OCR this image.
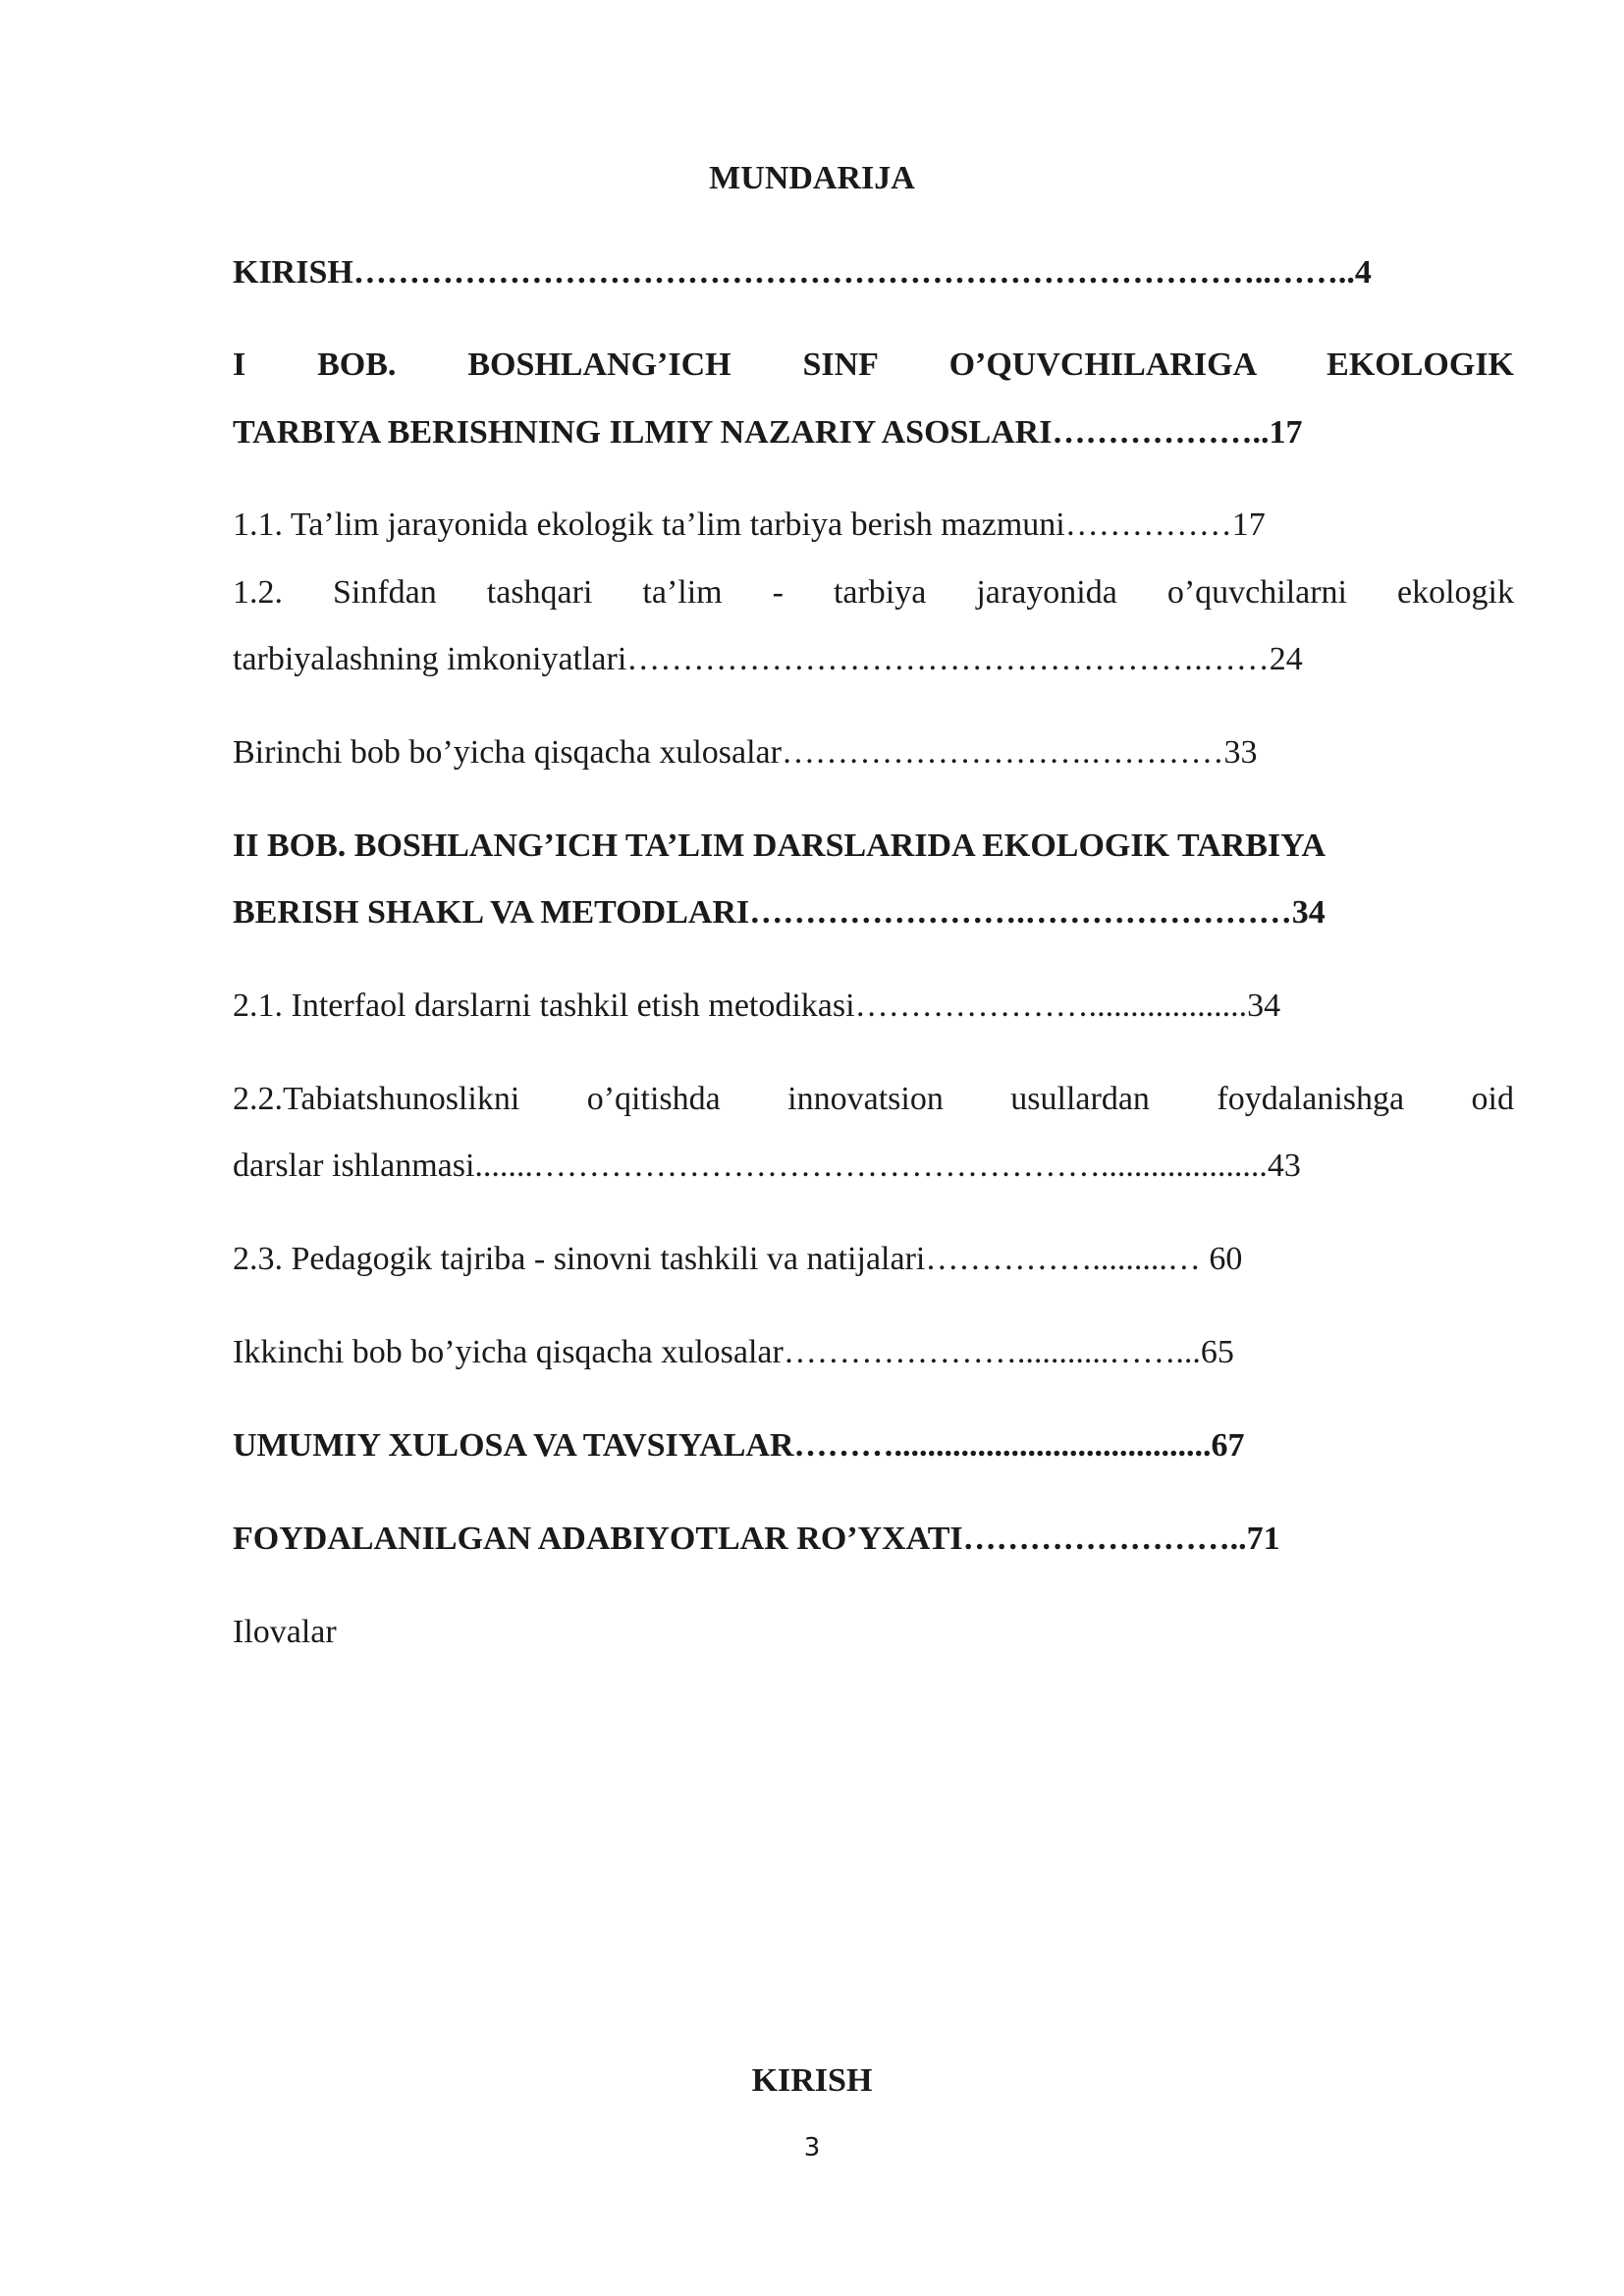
MUNDARIJA
KIRISH………………………………………………………………………..……..4
I BOB. BOSHLANG’ICH SINF O’QUVCHILARIGA EKOLOGIK
TARBIYA BERISHNING ILMIY NAZARIY ASOSLARI………………..17
1.1. Ta’lim jarayonida ekologik ta’lim tarbiya berish mazmuni……………17
1.2. Sinfdan tashqari ta’lim - tarbiya jarayonida o’quvchilarni ekologik
tarbiyalashning imkoniyatlari…………………………………………….……24
Birinchi bob bo’yicha qisqacha xulosalar……………………….…………33
II BOB. BOSHLANG’ICH TA’LIM DARSLARIDA EKOLOGIK TARBIYA
BERISH SHAKL VA METODLARI…………………….……………………34
2.1. Interfaol darslarni tashkil etish metodikasi…………………...................34
2.2.Tabiatshunoslikni o’qitishda innovatsion usullardan foydalanishga oid
darslar ishlanmasi.......……………………………………………....................43
2.3. Pedagogik tajriba - sinovni tashkili va natijalari…………….........… 60
Ikkinchi bob bo’yicha qisqacha xulosalar…………………...........……...65
UMUMIY XULOSA VA TAVSIYALAR………......................................67
FOYDALANILGAN ADABIYOTLAR RO’YXATI……………………..71
Ilovalar
KIRISH
3
